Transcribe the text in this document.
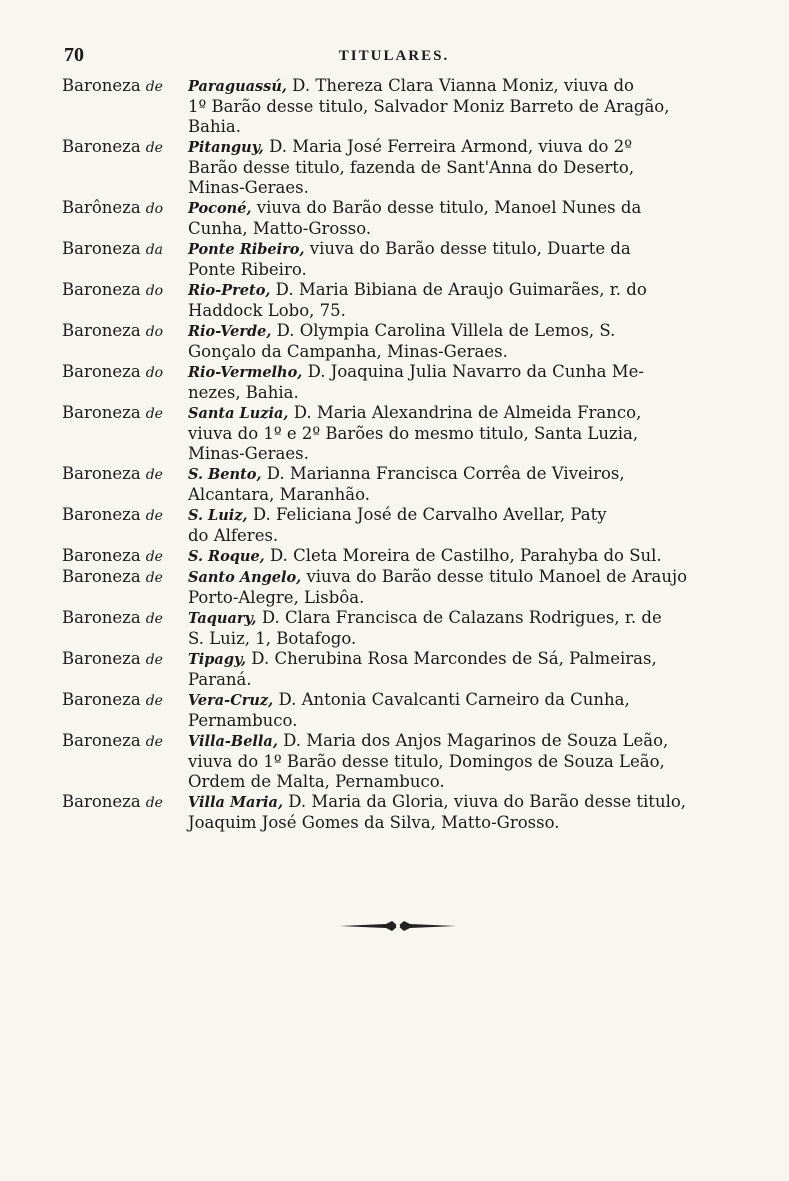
70	TITULARES.
Baroneza de	Paraguassú, D. Thereza Clara Vianna Moniz, viuva do
1º Barão desse titulo, Salvador Moniz Barreto de Aragão,
Bahia.
Baroneza de	Pitanguy, D. Maria José Ferreira Armond, viuva do 2º
Barão desse titulo, fazenda de Sant'Anna do Deserto,
Minas-Geraes.
Barôneza do	Poconé, viuva do Barão desse titulo, Manoel Nunes da
Cunha, Matto-Grosso.
Baroneza da	Ponte Ribeiro, viuva do Barão desse titulo, Duarte da
Ponte Ribeiro.
Baroneza do	Rio-Preto, D. Maria Bibiana de Araujo Guimarães, r. do
Haddock Lobo, 75.
Baroneza do	Rio-Verde, D. Olympia Carolina Villela de Lemos, S.
Gonçalo da Campanha, Minas-Geraes.
Baroneza do	Rio-Vermelho, D. Joaquina Julia Navarro da Cunha Me-
nezes, Bahia.
Baroneza de	Santa Luzia, D. Maria Alexandrina de Almeida Franco,
viuva do 1º e 2º Barões do mesmo titulo, Santa Luzia,
Minas-Geraes.
Baroneza de	S. Bento, D. Marianna Francisca Corrêa de Viveiros,
Alcantara, Maranhão.
Baroneza de	S. Luiz, D. Feliciana José de Carvalho Avellar, Paty
do Alferes.
Baroneza de	S. Roque, D. Cleta Moreira de Castilho, Parahyba do Sul.
Baroneza de	Santo Angelo, viuva do Barão desse titulo Manoel de Araujo
Porto-Alegre, Lisbôa.
Baroneza de	Taquary, D. Clara Francisca de Calazans Rodrigues, r. de
S. Luiz, 1, Botafogo.
Baroneza de	Tipagy, D. Cherubina Rosa Marcondes de Sá, Palmeiras,
Paraná.
Baroneza de	Vera-Cruz, D. Antonia Cavalcanti Carneiro da Cunha,
Pernambuco.
Baroneza de	Villa-Bella, D. Maria dos Anjos Magarinos de Souza Leão,
viuva do 1º Barão desse titulo, Domingos de Souza Leão,
Ordem de Malta, Pernambuco.
Baroneza de	Villa Maria, D. Maria da Gloria, viuva do Barão desse titulo,
Joaquim José Gomes da Silva, Matto-Grosso.
